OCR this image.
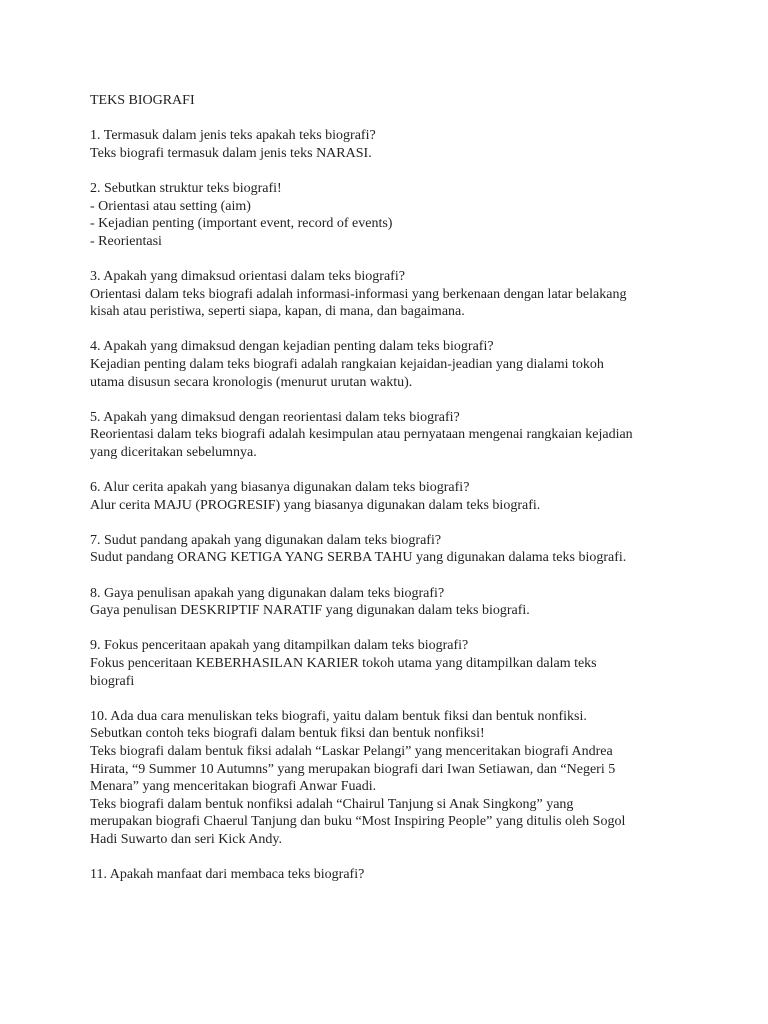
TEKS BIOGRAFI
1. Termasuk dalam jenis teks apakah teks biografi?
Teks biografi termasuk dalam jenis teks NARASI.
2. Sebutkan struktur teks biografi!
- Orientasi atau setting (aim)
- Kejadian penting (important event, record of events)
- Reorientasi
3. Apakah yang dimaksud orientasi dalam teks biografi?
Orientasi dalam teks biografi adalah informasi-informasi yang berkenaan dengan latar belakang
kisah atau peristiwa, seperti siapa, kapan, di mana, dan bagaimana.
4. Apakah yang dimaksud dengan kejadian penting dalam teks biografi?
Kejadian penting dalam teks biografi adalah rangkaian kejaidan-jeadian yang dialami tokoh
utama disusun secara kronologis (menurut urutan waktu).
5. Apakah yang dimaksud dengan reorientasi dalam teks biografi?
Reorientasi dalam teks biografi adalah kesimpulan atau pernyataan mengenai rangkaian kejadian
yang diceritakan sebelumnya.
6. Alur cerita apakah yang biasanya digunakan dalam teks biografi?
Alur cerita MAJU (PROGRESIF) yang biasanya digunakan dalam teks biografi.
7. Sudut pandang apakah yang digunakan dalam teks biografi?
Sudut pandang ORANG KETIGA YANG SERBA TAHU yang digunakan dalama teks biografi.
8. Gaya penulisan apakah yang digunakan dalam teks biografi?
Gaya penulisan DESKRIPTIF NARATIF yang digunakan dalam teks biografi.
9. Fokus penceritaan apakah yang ditampilkan dalam teks biografi?
Fokus penceritaan KEBERHASILAN KARIER tokoh utama yang ditampilkan dalam teks
biografi
10. Ada dua cara menuliskan teks biografi, yaitu dalam bentuk fiksi dan bentuk nonfiksi.
Sebutkan contoh teks biografi dalam bentuk fiksi dan bentuk nonfiksi!
Teks biografi dalam bentuk fiksi adalah “Laskar Pelangi” yang menceritakan biografi Andrea
Hirata, “9 Summer 10 Autumns” yang merupakan biografi dari Iwan Setiawan, dan “Negeri 5
Menara” yang menceritakan biografi Anwar Fuadi.
Teks biografi dalam bentuk nonfiksi adalah “Chairul Tanjung si Anak Singkong” yang
merupakan biografi Chaerul Tanjung dan buku “Most Inspiring People” yang ditulis oleh Sogol
Hadi Suwarto dan seri Kick Andy.
11. Apakah manfaat dari membaca teks biografi?
